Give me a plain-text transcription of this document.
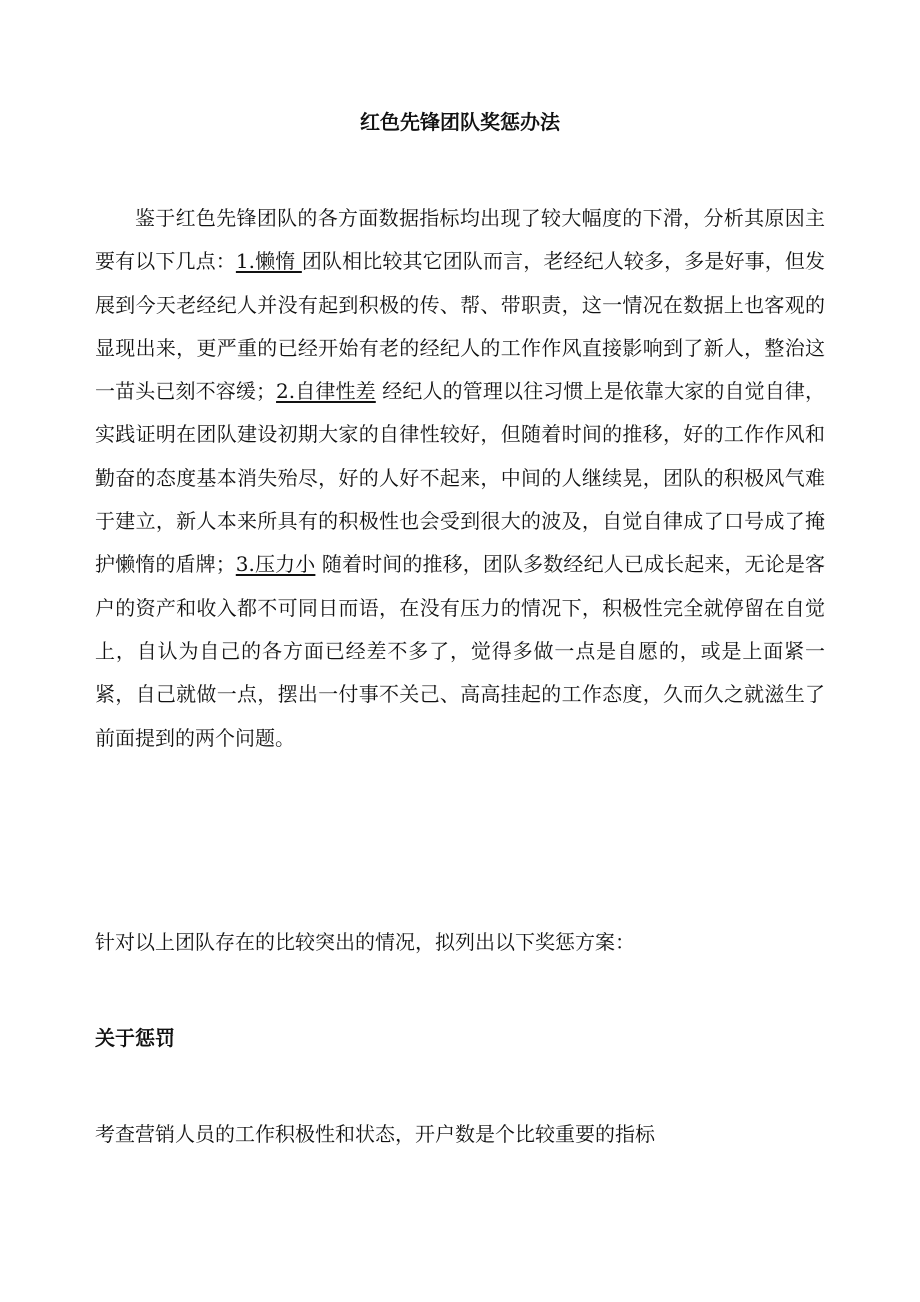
红色先锋团队奖惩办法

鉴于红色先锋团队的各方面数据指标均出现了较大幅度的下滑，分析其原因主要有以下几点：1.懒惰 团队相比较其它团队而言，老经纪人较多，多是好事，但发展到今天老经纪人并没有起到积极的传、帮、带职责，这一情况在数据上也客观的显现出来，更严重的已经开始有老的经纪人的工作作风直接影响到了新人，整治这一苗头已刻不容缓；2.自律性差 经纪人的管理以往习惯上是依靠大家的自觉自律，实践证明在团队建设初期大家的自律性较好，但随着时间的推移，好的工作作风和勤奋的态度基本消失殆尽，好的人好不起来，中间的人继续晃，团队的积极风气难于建立，新人本来所具有的积极性也会受到很大的波及，自觉自律成了口号成了掩护懒惰的盾牌；3.压力小 随着时间的推移，团队多数经纪人已成长起来，无论是客户的资产和收入都不可同日而语，在没有压力的情况下，积极性完全就停留在自觉上，自认为自己的各方面已经差不多了，觉得多做一点是自愿的，或是上面紧一紧，自己就做一点，摆出一付事不关己、高高挂起的工作态度，久而久之就滋生了前面提到的两个问题。

针对以上团队存在的比较突出的情况，拟列出以下奖惩方案：

关于惩罚

考查营销人员的工作积极性和状态，开户数是个比较重要的指标
